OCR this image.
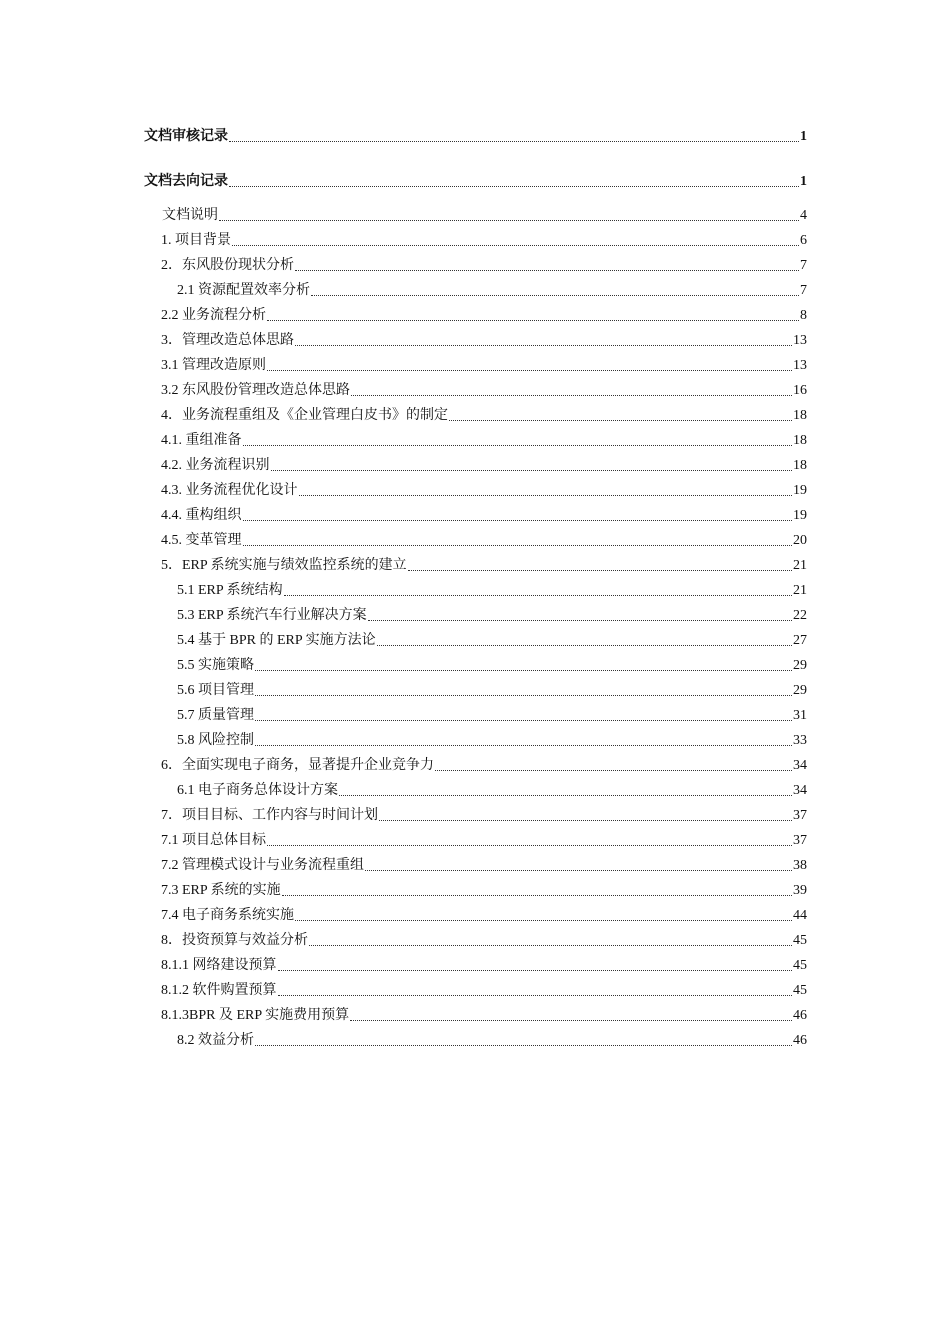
文档审核记录	1
文档去向记录	1
文档说明	4
1. 项目背景	6
2．东风股份现状分析	7
2.1 资源配置效率分析	7
2.2 业务流程分析	8
3．管理改造总体思路	13
3.1 管理改造原则	13
3.2 东风股份管理改造总体思路	16
4．业务流程重组及《企业管理白皮书》的制定	18
4.1. 重组准备	18
4.2. 业务流程识别	18
4.3. 业务流程优化设计	19
4.4. 重构组织	19
4.5. 变革管理	20
5．ERP 系统实施与绩效监控系统的建立	21
5.1 ERP 系统结构	21
5.3 ERP 系统汽车行业解决方案	22
5.4 基于 BPR 的 ERP 实施方法论	27
5.5 实施策略	29
5.6 项目管理	29
5.7 质量管理	31
5.8 风险控制	33
6．全面实现电子商务，显著提升企业竞争力	34
6.1 电子商务总体设计方案	34
7．项目目标、工作内容与时间计划	37
7.1 项目总体目标	37
7.2 管理模式设计与业务流程重组	38
7.3 ERP 系统的实施	39
7.4 电子商务系统实施	44
8．投资预算与效益分析	45
8.1.1 网络建设预算	45
8.1.2 软件购置预算	45
8.1.3BPR 及 ERP 实施费用预算	46
8.2 效益分析	46
